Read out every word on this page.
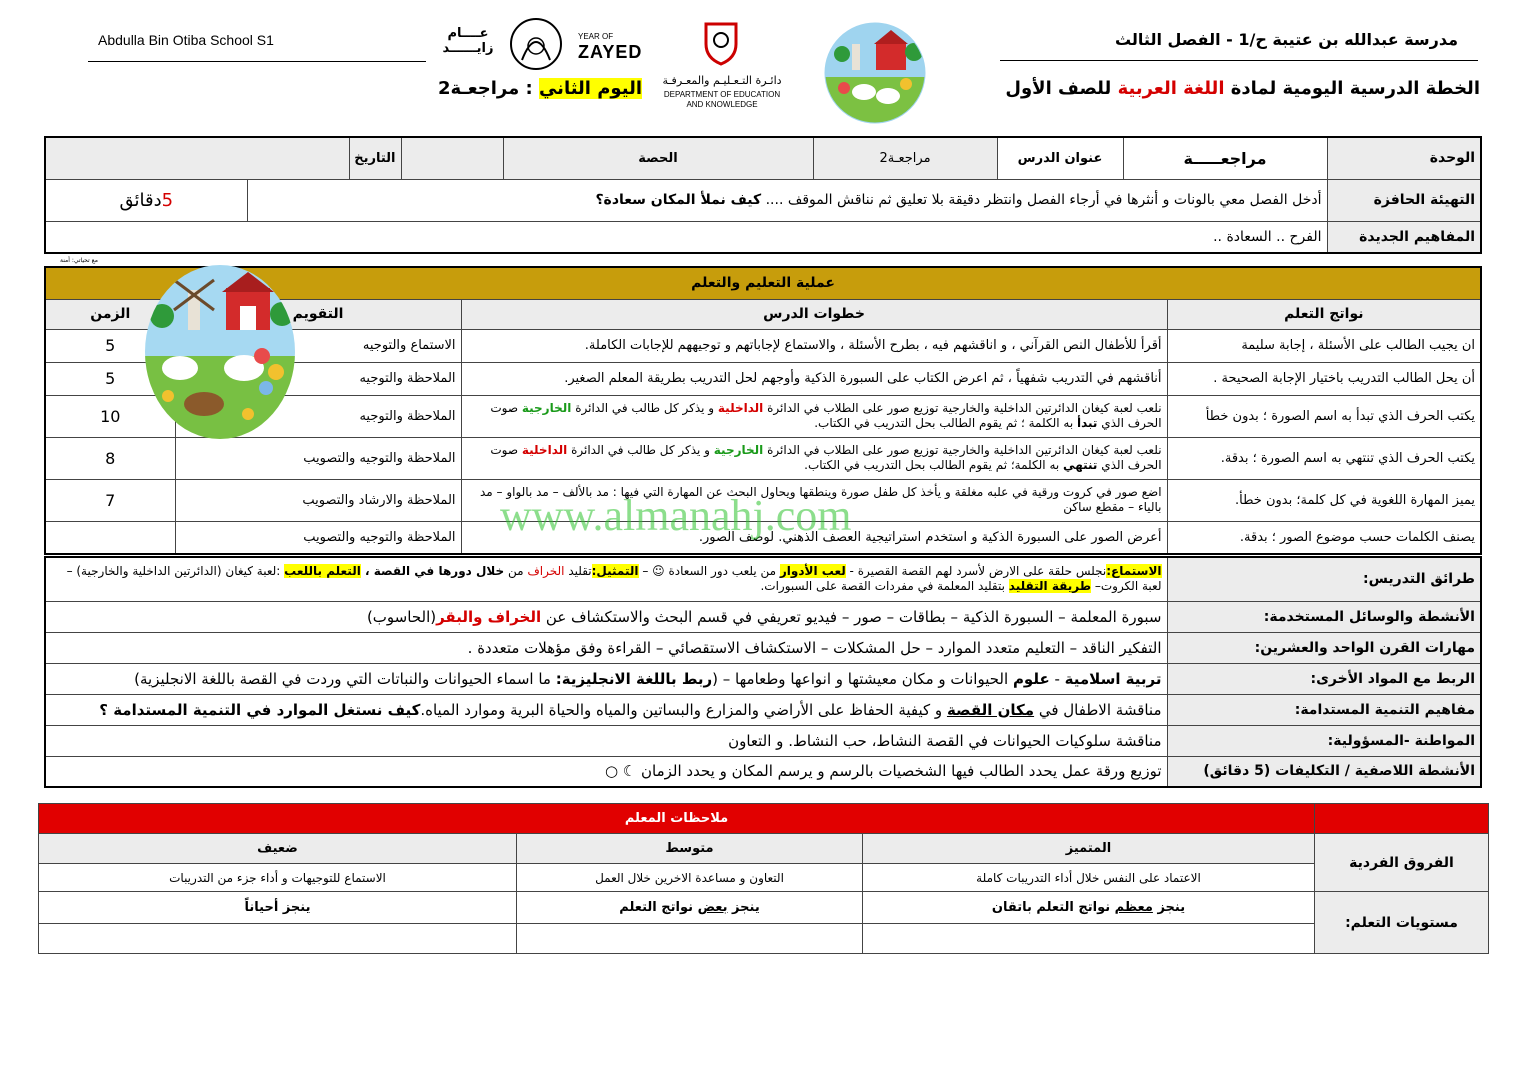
Abdulla Bin Otiba School S1	عــــام زايــــــد
YEAR OF
ZAYED
اليوم الثاني : مراجعـة2	دائـرة التـعـليـم والمعـرفـة
DEPARTMENT OF EDUCATION
AND KNOWLEDGE
مدرسة عبدالله بن عتيبة ح/1 - الفصل الثالث
الخطة الدرسية اليومية لمادة اللغة العربية للصف الأول
الوحدة	مراجعـــــة	عنوان الدرس	مراجعـة2	الحصة		التاريخ		
التهيئة الحافزة	أدخل الفصل معي بالونات و أنثرها في أرجاء الفصل وانتظر دقيقة بلا تعليق ثم نناقش الموقف .... كيف نملأ المكان سعادة؟							5دقائق
المفاهيم الجديدة	الفرح .. السعادة ..							
مع تحياتي: أمنة
عملية التعليم والتعلم			
نواتج التعلم	خطوات الدرس	التقويم	الزمن
ان يجيب الطالب على الأسئلة ، إجابة سليمة	أقرأ للأطفال النص القرآني ، و اناقشهم فيه ، بطرح الأسئلة ، والاستماع لإجاباتهم و توجيههم للإجابات الكاملة.	الاستماع والتوجيه	5
أن يحل الطالب التدريب باختيار الإجابة الصحيحة .	أناقشهم في التدريب شفهياً ، ثم اعرض الكتاب على السبورة الذكية وأوجهم لحل التدريب بطريقة المعلم الصغير.	الملاحظة والتوجيه	5
يكتب الحرف الذي تبدأ به اسم الصورة ؛ بدون خطأ	نلعب لعبة كيغان الدائرتين الداخلية والخارجية توزيع صور على الطلاب في الدائرة الداخلية و يذكر كل طالب في الدائرة الخارجية صوت الحرف الذي تبدأ به الكلمة ؛ ثم يقوم الطالب بحل التدريب في الكتاب.	الملاحظة والتوجيه	10
يكتب الحرف الذي تنتهي به اسم الصورة ؛ بدقة.	نلعب لعبة كيغان الدائرتين الداخلية والخارجية توزيع صور على الطلاب في الدائرة الخارجية و يذكر كل طالب في الدائرة الداخلية صوت الحرف الذي تنتهي به الكلمة؛ ثم يقوم الطالب بحل التدريب في الكتاب.	الملاحظة والتوجيه والتصويب	8
يميز المهارة اللغوية في كل كلمة؛ بدون خطأ.	اضع صور في كروت ورقية في علبه مغلقة و يأخذ كل طفل صورة وينطقها ويحاول البحث عن المهارة التي فيها : مد بالألف – مد بالواو – مد بالياء – مقطع ساكن	الملاحظة والارشاد والتصويب	7
يصنف الكلمات حسب موضوع الصور ؛ بدقة.	أعرض الصور على السبورة الذكية و استخدم استراتيجية العصف الذهني. لوصف الصور.	الملاحظة والتوجيه والتصويب	www.almanahj.com
طرائق التدريس:	الاستماع:نجلس حلقة على الارض لأسرد لهم القصة القصيرة - لعب الأدوار من يلعب دور السعادة ☺ – التمثيل:تقليد الخراف من خلال دورها في القصة ، التعلم باللعب :لعبة كيغان (الدائرتين الداخلية والخارجية) – لعبة الكروت– طريقة التقليد بتقليد المعلمة في مفردات القصة على السبورات.
الأنشطة والوسائل المستخدمة:	سبورة المعلمة – السبورة الذكية – بطاقات – صور – فيديو تعريفي في قسم البحث والاستكشاف عن الخراف والبقر(الحاسوب)
مهارات القرن الواحد والعشرين:	التفكير الناقد – التعليم متعدد الموارد – حل المشكلات – الاستكشاف الاستقصائي – القراءة وفق مؤهلات متعددة .
الربط مع المواد الأخرى:	تربية اسلامية - علوم الحيوانات و مكان معيشتها و انواعها وطعامها – (ربط باللغة الانجليزية: ما اسماء الحيوانات والنباتات التي وردت في القصة باللغة الانجليزية)
مفاهيم التنمية المستدامة:	مناقشة الاطفال في مكان القصة و كيفية الحفاظ على الأراضي والمزارع والبساتين والمياه والحياة البرية وموارد المياه.كيف نستغل الموارد في التنمية المستدامة ؟
المواطنة -المسؤولية:	مناقشة سلوكيات الحيوانات في القصة النشاط، حب النشاط. و التعاون
الأنشطة اللاصفية / التكليفات (5 دقائق)	توزيع ورقة عمل يحدد الطالب فيها الشخصيات بالرسم و يرسم المكان و يحدد الزمان ☾ ○
	ملاحظات المعلم		
الفروق الفردية	المتميز	متوسط	ضعيف
	الاعتماد على النفس خلال أداء التدريبات كاملة	التعاون و مساعدة الاخرين خلال العمل	الاستماع للتوجيهات و أداء جزء من التدريبات
مستويات التعلم:	ينجز معظم نواتج التعلم باتقان	ينجز بعض نواتج التعلم	ينجز أحياناً
